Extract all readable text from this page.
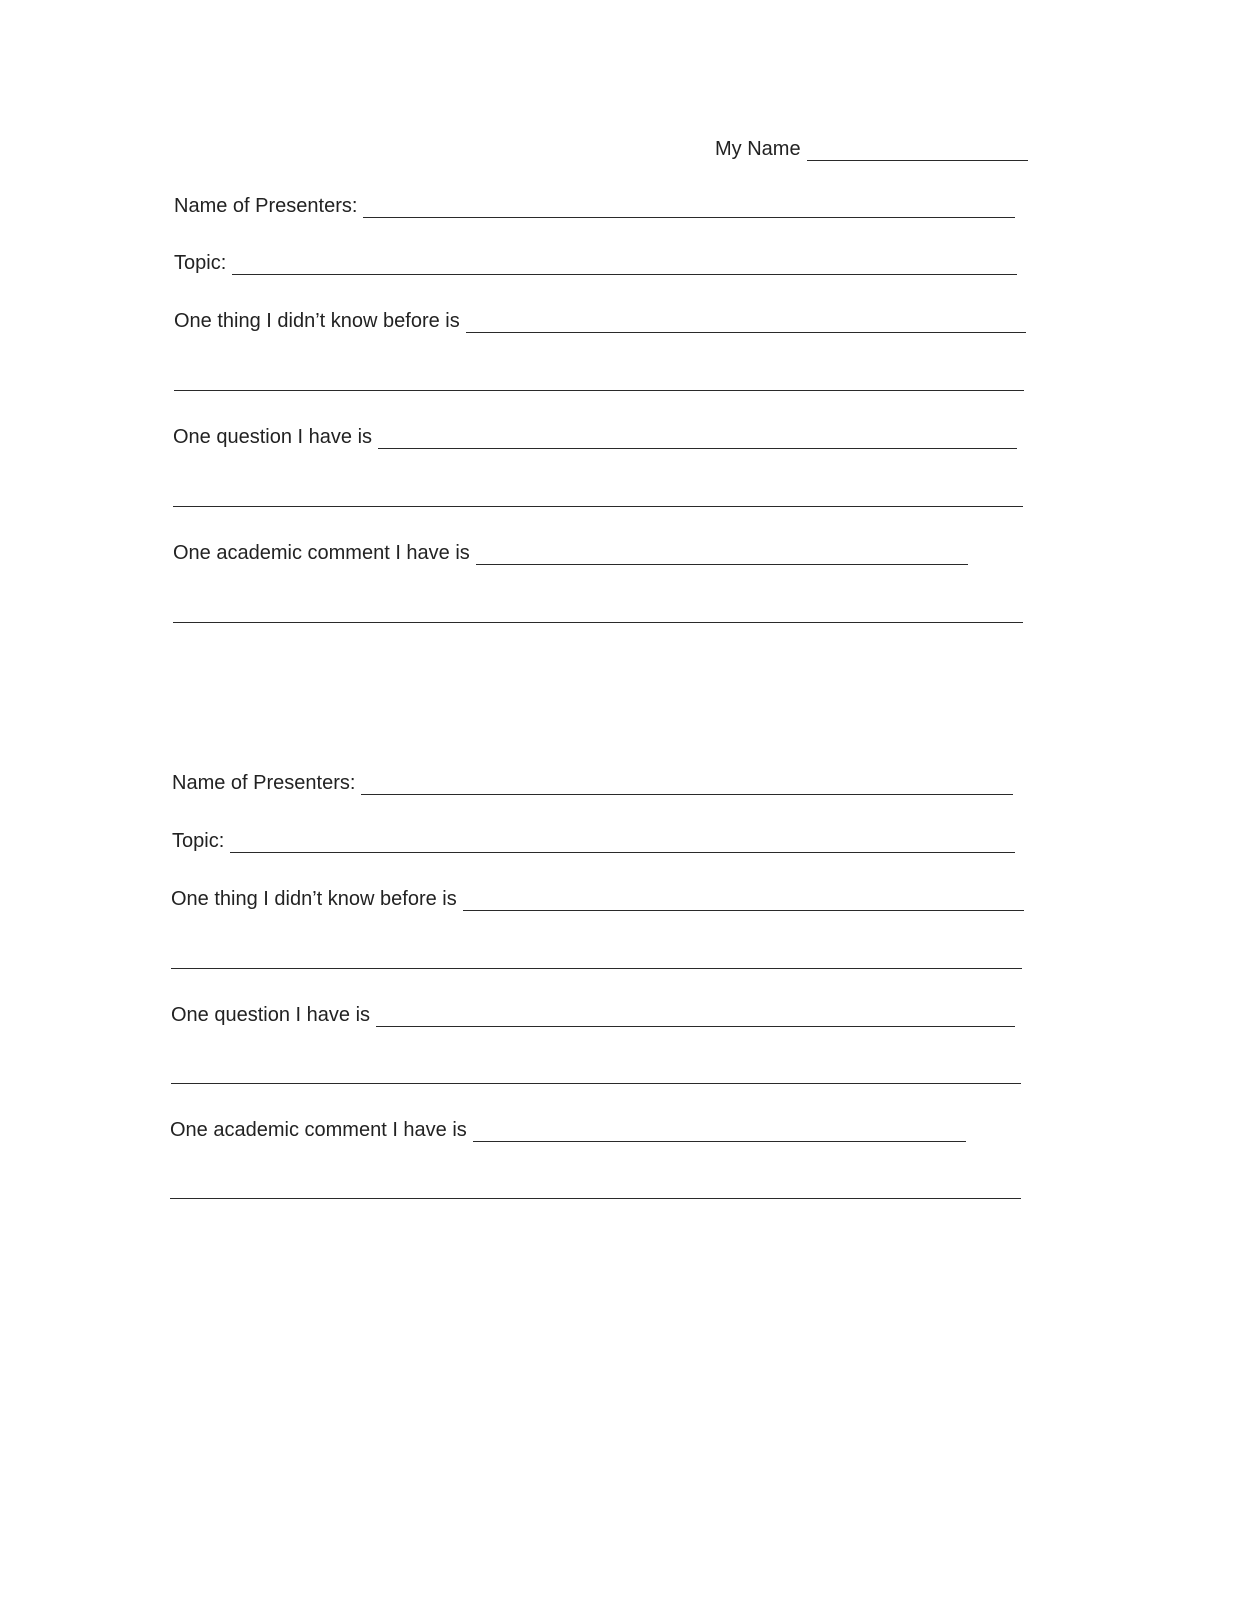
My Name
Name of Presenters:
Topic:
One thing I didn’t know before is
One question I have is
One academic comment I have is
Name of Presenters:
Topic:
One thing I didn’t know before is
One question I have is
One academic comment I have is
